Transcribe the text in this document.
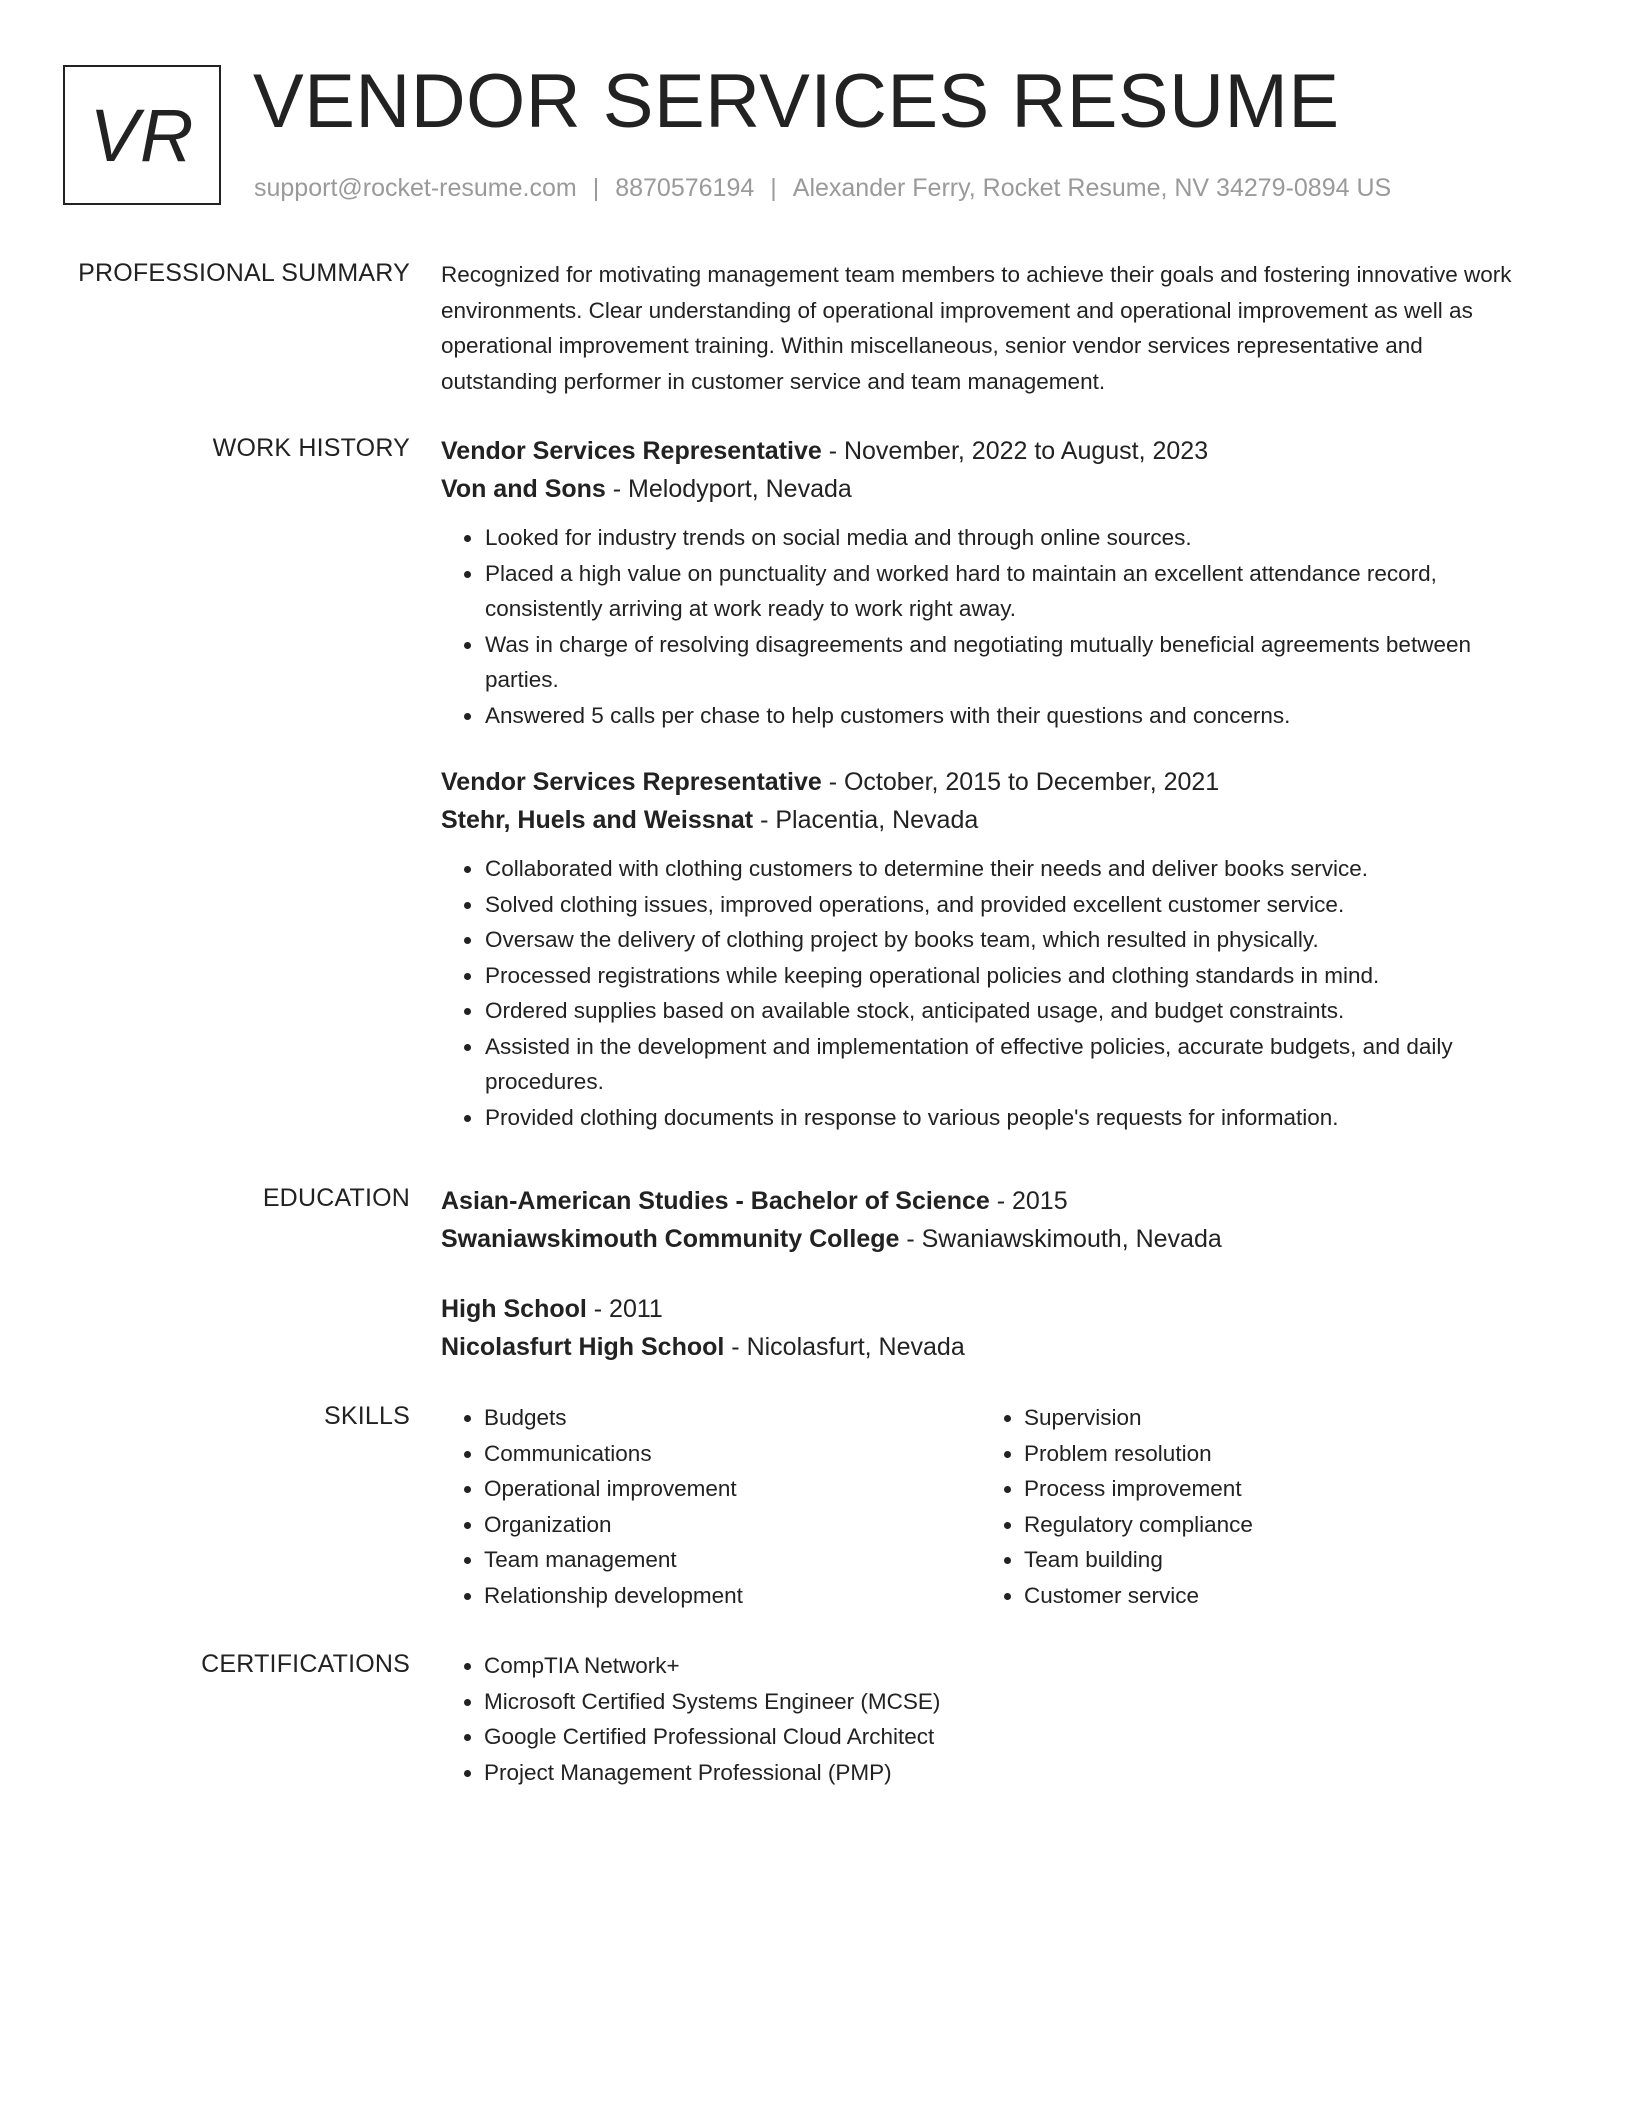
VR VENDOR SERVICES RESUME
support@rocket-resume.com | 8870576194 | Alexander Ferry, Rocket Resume, NV 34279-0894 US
PROFESSIONAL SUMMARY Recognized for motivating management team members to achieve their goals and fostering innovative work environments. Clear understanding of operational improvement and operational improvement as well as operational improvement training. Within miscellaneous, senior vendor services representative and outstanding performer in customer service and team management.

WORK HISTORY Vendor Services Representative - November, 2022 to August, 2023
Von and Sons - Melodyport, Nevada
• Looked for industry trends on social media and through online sources.
• Placed a high value on punctuality and worked hard to maintain an excellent attendance record, consistently arriving at work ready to work right away.
• Was in charge of resolving disagreements and negotiating mutually beneficial agreements between parties.
• Answered 5 calls per chase to help customers with their questions and concerns.
Vendor Services Representative - October, 2015 to December, 2021
Stehr, Huels and Weissnat - Placentia, Nevada
• Collaborated with clothing customers to determine their needs and deliver books service.
• Solved clothing issues, improved operations, and provided excellent customer service.
• Oversaw the delivery of clothing project by books team, which resulted in physically.
• Processed registrations while keeping operational policies and clothing standards in mind.
• Ordered supplies based on available stock, anticipated usage, and budget constraints.
• Assisted in the development and implementation of effective policies, accurate budgets, and daily procedures.
• Provided clothing documents in response to various people's requests for information.
EDUCATION Asian-American Studies - Bachelor of Science - 2015
Swaniawskimouth Community College - Swaniawskimouth, Nevada
High School - 2011
Nicolasfurt High School - Nicolasfurt, Nevada
SKILLS	• Budgets
• Communications
• Operational improvement
• Organization
• Team management
• Relationship development
• Supervision
• Problem resolution
• Process improvement
• Regulatory compliance
• Team building
• Customer service
CERTIFICATIONS	• CompTIA Network+
• Microsoft Certified Systems Engineer (MCSE)
• Google Certified Professional Cloud Architect
• Project Management Professional (PMP)
